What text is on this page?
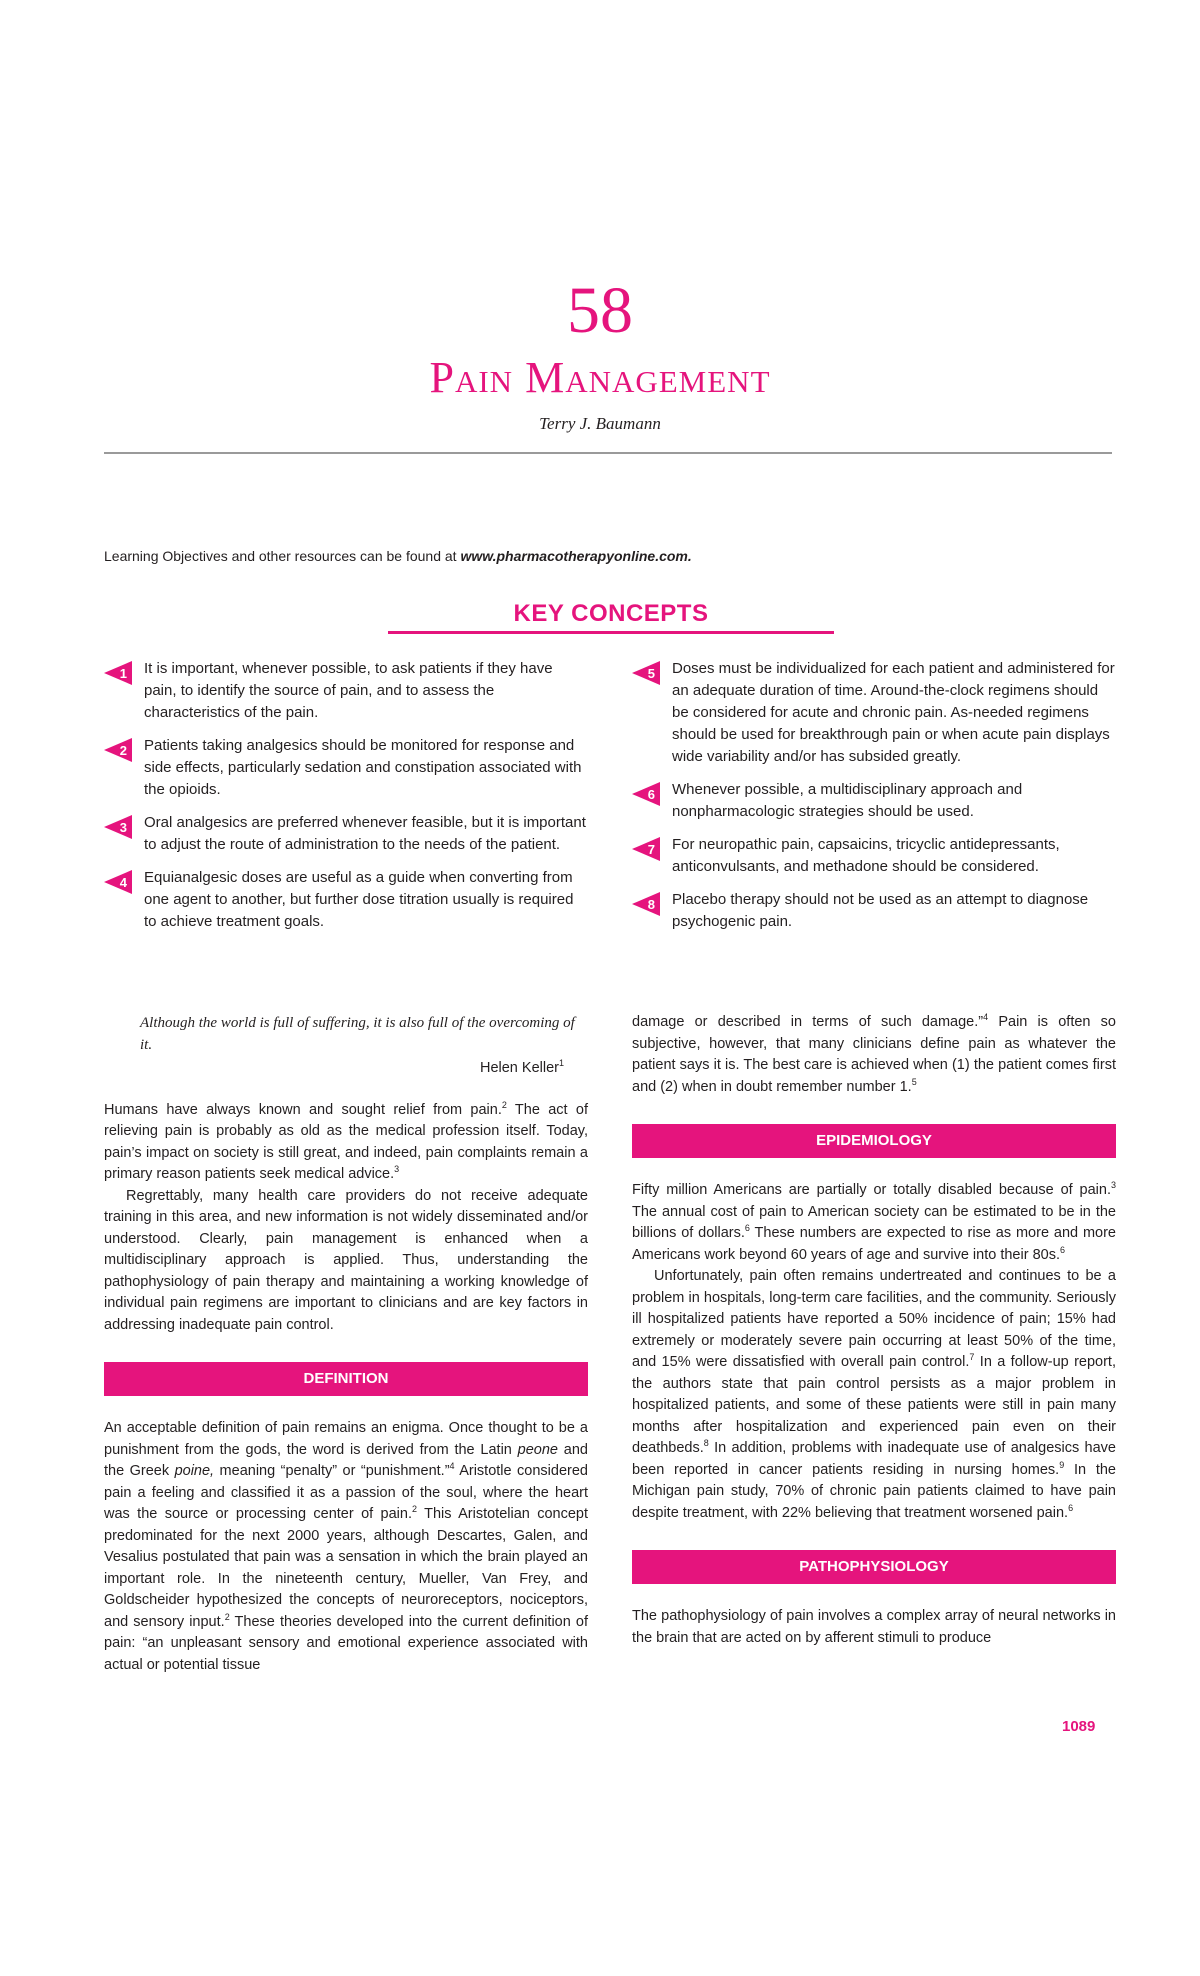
58
Pain Management
Terry J. Baumann
Learning Objectives and other resources can be found at www.pharmacotherapyonline.com.
KEY CONCEPTS
1 It is important, whenever possible, to ask patients if they have pain, to identify the source of pain, and to assess the characteristics of the pain.
2 Patients taking analgesics should be monitored for response and side effects, particularly sedation and constipation associated with the opioids.
3 Oral analgesics are preferred whenever feasible, but it is important to adjust the route of administration to the needs of the patient.
4 Equianalgesic doses are useful as a guide when converting from one agent to another, but further dose titration usually is required to achieve treatment goals.
5 Doses must be individualized for each patient and administered for an adequate duration of time. Around-the-clock regimens should be considered for acute and chronic pain. As-needed regimens should be used for breakthrough pain or when acute pain displays wide variability and/or has subsided greatly.
6 Whenever possible, a multidisciplinary approach and nonpharmacologic strategies should be used.
7 For neuropathic pain, capsaicins, tricyclic antidepressants, anticonvulsants, and methadone should be considered.
8 Placebo therapy should not be used as an attempt to diagnose psychogenic pain.
Although the world is full of suffering, it is also full of the overcoming of it.
Helen Keller$^1$

Humans have always known and sought relief from pain.$^2$ The act of relieving pain is probably as old as the medical profession itself. Today, pain’s impact on society is still great, and indeed, pain complaints remain a primary reason patients seek medical advice.$^3$

Regrettably, many health care providers do not receive adequate training in this area, and new information is not widely disseminated and/or understood. Clearly, pain management is enhanced when a multidisciplinary approach is applied. Thus, understanding the pathophysiology of pain therapy and maintaining a working knowledge of individual pain regimens are important to clinicians and are key factors in addressing inadequate pain control.

DEFINITION

An acceptable definition of pain remains an enigma. Once thought to be a punishment from the gods, the word is derived from the Latin peone and the Greek poine, meaning “penalty” or “punishment.”$^4$ Aristotle considered pain a feeling and classified it as a passion of the soul, where the heart was the source or processing center of pain.$^2$ This Aristotelian concept predominated for the next 2000 years, although Descartes, Galen, and Vesalius postulated that pain was a sensation in which the brain played an important role. In the nineteenth century, Mueller, Van Frey, and Goldscheider hypothesized the concepts of neuroreceptors, nociceptors, and sensory input.$^2$ These theories developed into the current definition of pain: “an unpleasant sensory and emotional experience associated with actual or potential tissue

damage or described in terms of such damage.”$^4$ Pain is often so subjective, however, that many clinicians define pain as whatever the patient says it is. The best care is achieved when (1) the patient comes first and (2) when in doubt remember number 1.$^5$

EPIDEMIOLOGY

Fifty million Americans are partially or totally disabled because of pain.$^3$ The annual cost of pain to American society can be estimated to be in the billions of dollars.$^6$ These numbers are expected to rise as more and more Americans work beyond 60 years of age and survive into their 80s.$^6$

Unfortunately, pain often remains undertreated and continues to be a problem in hospitals, long-term care facilities, and the community. Seriously ill hospitalized patients have reported a 50% incidence of pain; 15% had extremely or moderately severe pain occurring at least 50% of the time, and 15% were dissatisfied with overall pain control.$^7$ In a follow-up report, the authors state that pain control persists as a major problem in hospitalized patients, and some of these patients were still in pain many months after hospitalization and experienced pain even on their deathbeds.$^8$ In addition, problems with inadequate use of analgesics have been reported in cancer patients residing in nursing homes.$^9$ In the Michigan pain study, 70% of chronic pain patients claimed to have pain despite treatment, with 22% believing that treatment worsened pain.$^6$

PATHOPHYSIOLOGY

The pathophysiology of pain involves a complex array of neural networks in the brain that are acted on by afferent stimuli to produce

1089
